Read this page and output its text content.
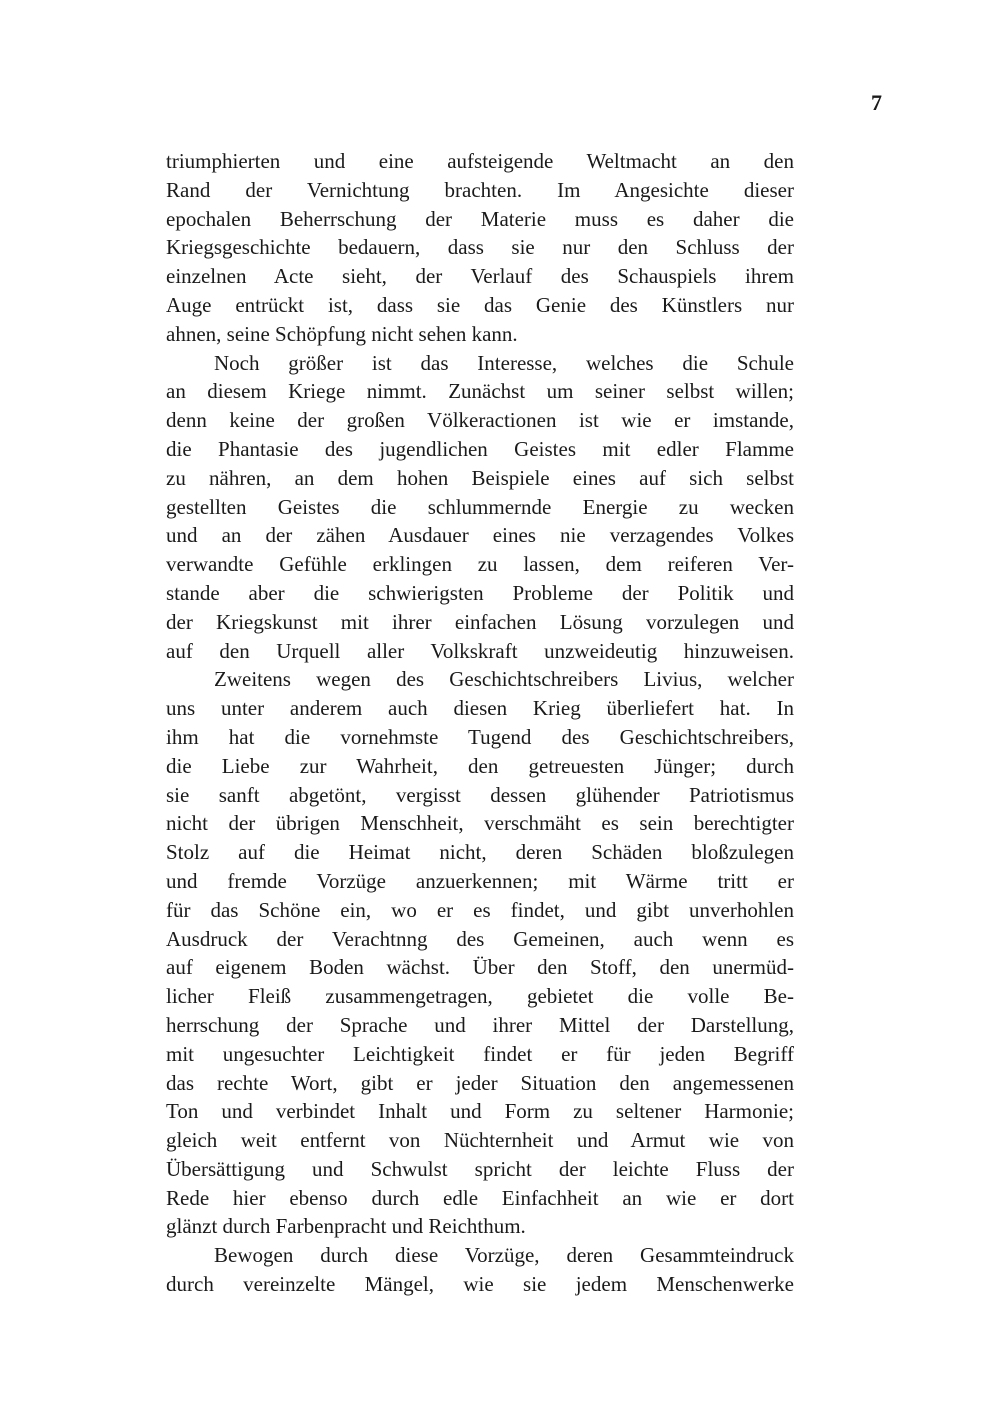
7
triumphierten und eine aufsteigende Weltmacht an den
Rand der Vernichtung brachten. Im Angesichte dieser
epochalen Beherrschung der Materie muss es daher die
Kriegsgeschichte bedauern, dass sie nur den Schluss der
einzelnen Acte sieht, der Verlauf des Schauspiels ihrem
Auge entrückt ist, dass sie das Genie des Künstlers nur
ahnen, seine Schöpfung nicht sehen kann.
Noch größer ist das Interesse, welches die Schule
an diesem Kriege nimmt. Zunächst um seiner selbst willen;
denn keine der großen Völkeractionen ist wie er imstande,
die Phantasie des jugendlichen Geistes mit edler Flamme
zu nähren, an dem hohen Beispiele eines auf sich selbst
gestellten Geistes die schlummernde Energie zu wecken
und an der zähen Ausdauer eines nie verzagendes Volkes
verwandte Gefühle erklingen zu lassen, dem reiferen Ver-
stande aber die schwierigsten Probleme der Politik und
der Kriegskunst mit ihrer einfachen Lösung vorzulegen und
auf den Urquell aller Volkskraft unzweideutig hinzuweisen.
Zweitens wegen des Geschichtschreibers Livius, welcher
uns unter anderem auch diesen Krieg überliefert hat. In
ihm hat die vornehmste Tugend des Geschichtschreibers,
die Liebe zur Wahrheit, den getreuesten Jünger; durch
sie sanft abgetönt, vergisst dessen glühender Patriotismus
nicht der übrigen Menschheit, verschmäht es sein berechtigter
Stolz auf die Heimat nicht, deren Schäden bloßzulegen
und fremde Vorzüge anzuerkennen; mit Wärme tritt er
für das Schöne ein, wo er es findet, und gibt unverhohlen
Ausdruck der Verachtnng des Gemeinen, auch wenn es
auf eigenem Boden wächst. Über den Stoff, den unermüd-
licher Fleiß zusammengetragen, gebietet die volle Be-
herrschung der Sprache und ihrer Mittel der Darstellung,
mit ungesuchter Leichtigkeit findet er für jeden Begriff
das rechte Wort, gibt er jeder Situation den angemessenen
Ton und verbindet Inhalt und Form zu seltener Harmonie;
gleich weit entfernt von Nüchternheit und Armut wie von
Übersättigung und Schwulst spricht der leichte Fluss der
Rede hier ebenso durch edle Einfachheit an wie er dort
glänzt durch Farbenpracht und Reichthum.
Bewogen durch diese Vorzüge, deren Gesammteindruck
durch vereinzelte Mängel, wie sie jedem Menschenwerke
